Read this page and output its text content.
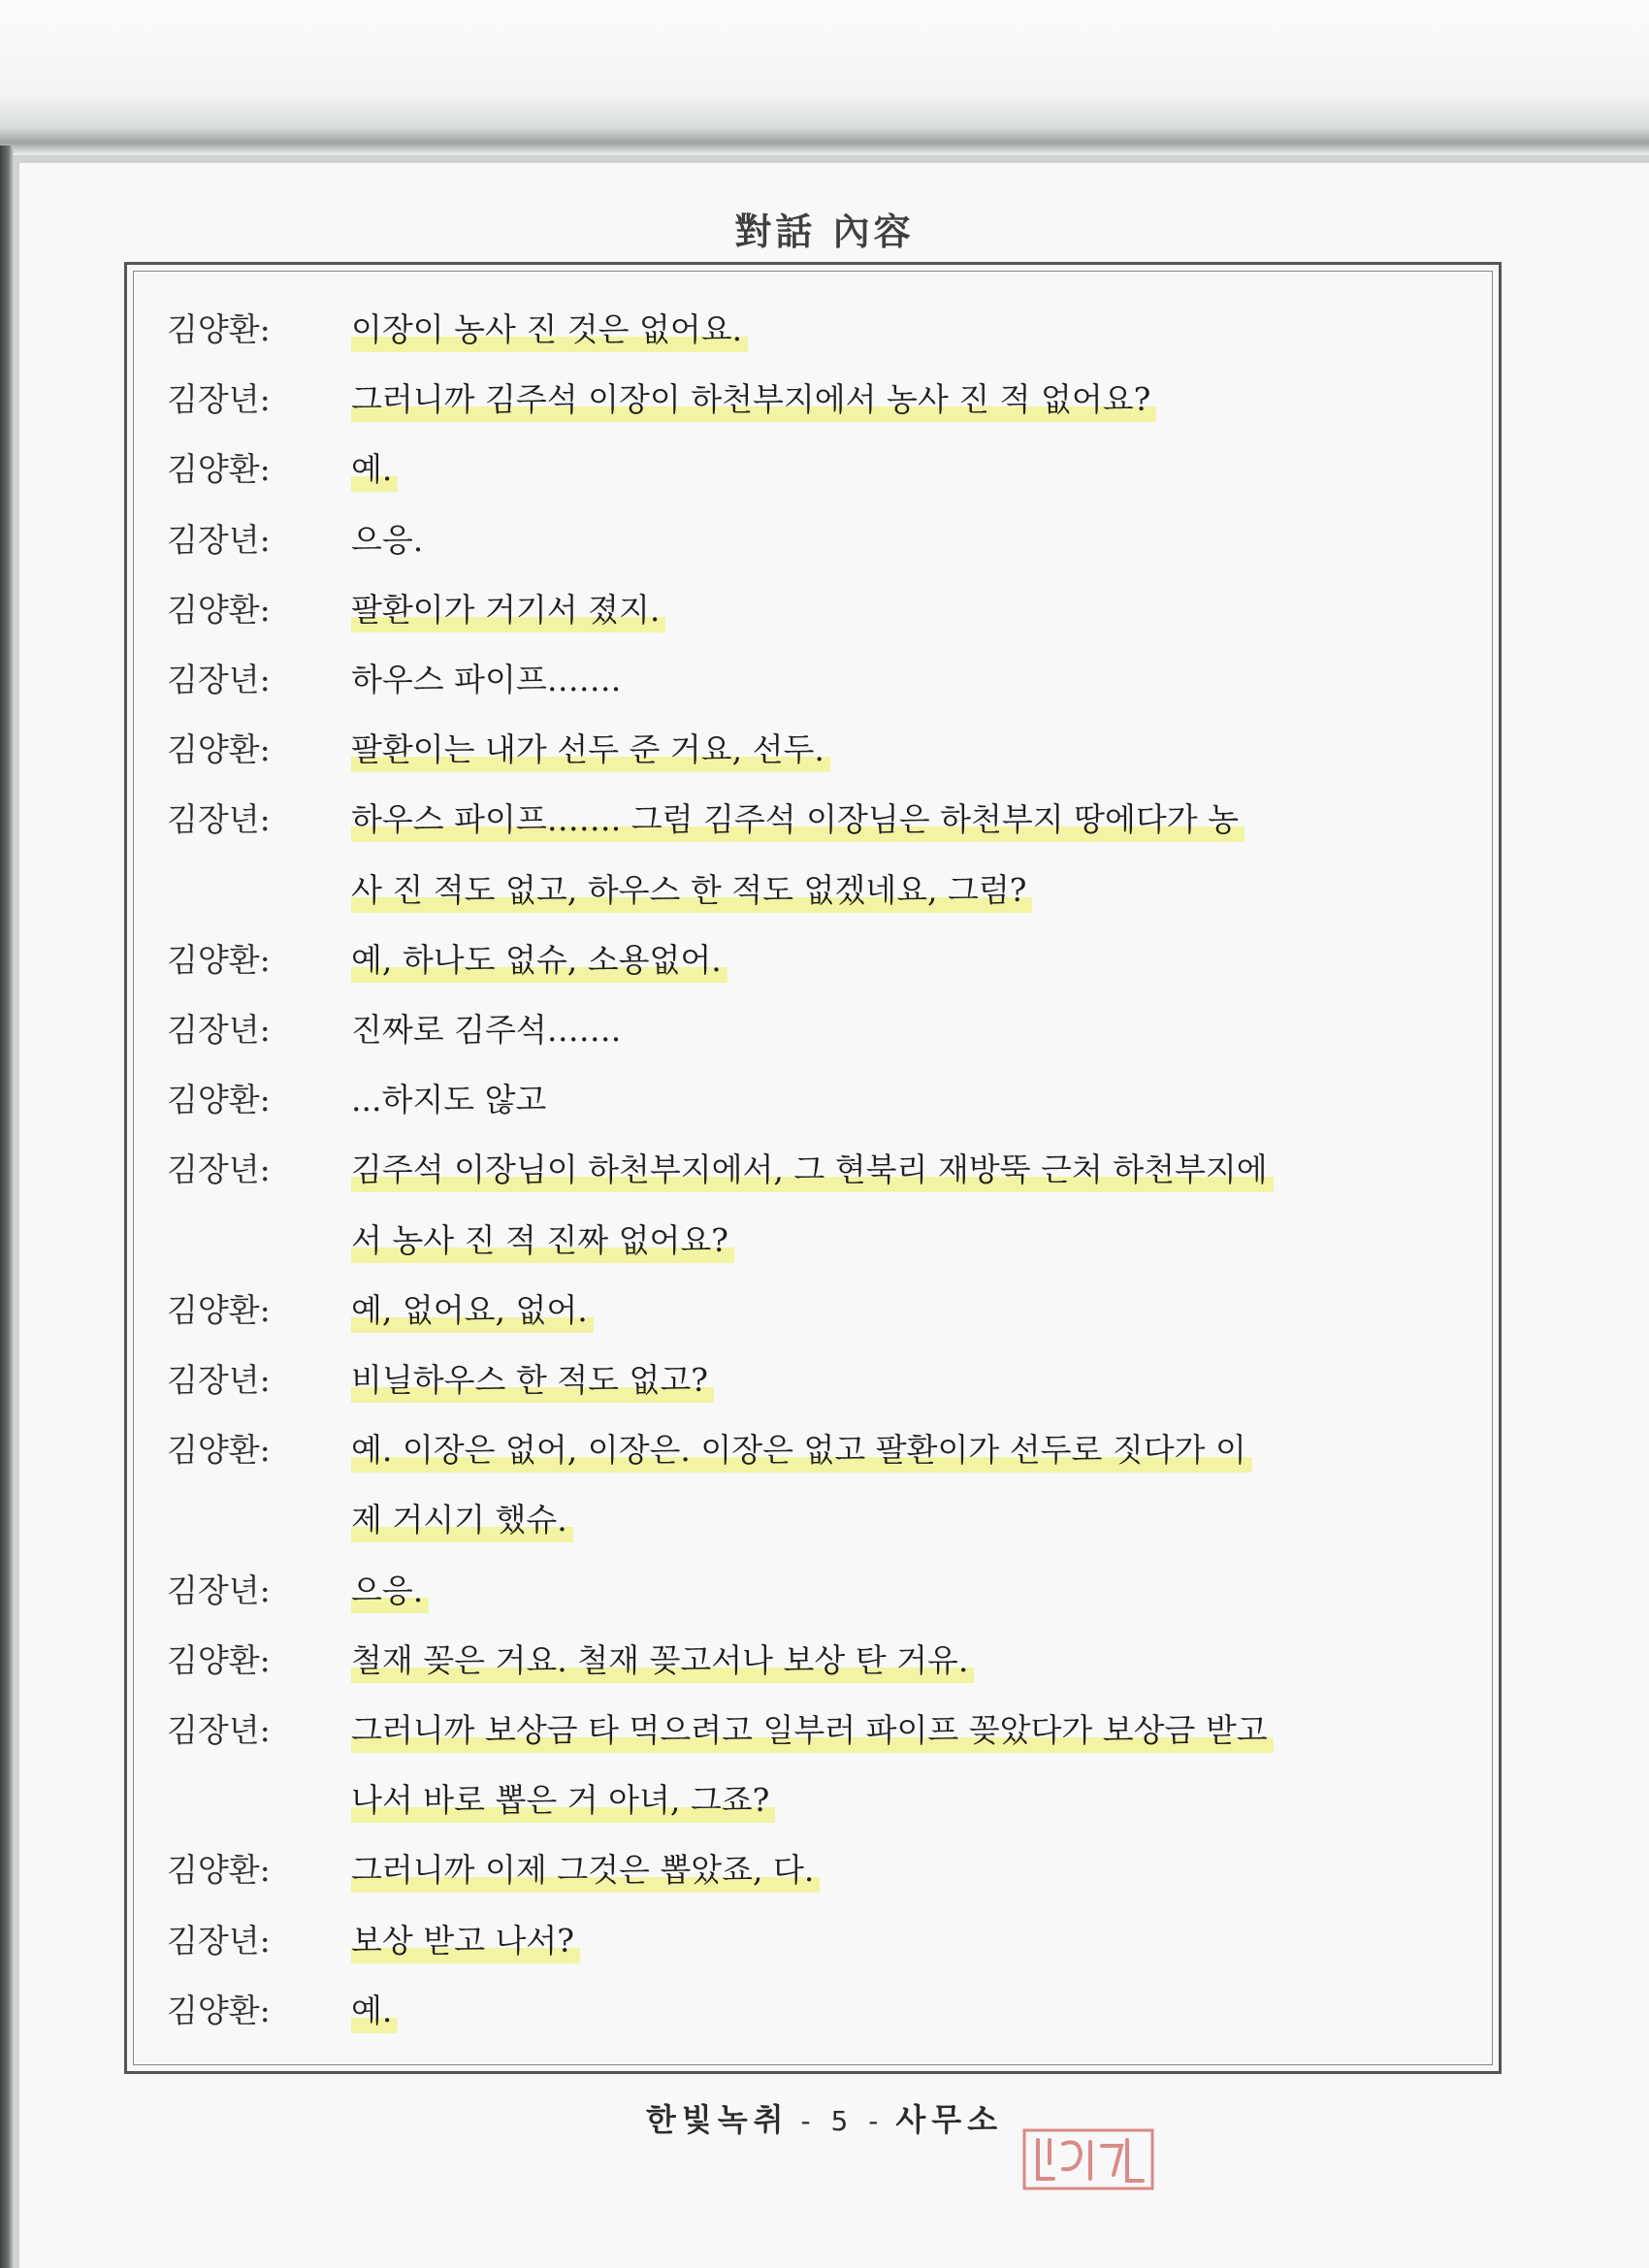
對話 內容
김양환:	이장이 농사 진 것은 없어요.
김장년:	그러니까 김주석 이장이 하천부지에서 농사 진 적 없어요?
김양환:	예.
김장년:	으응.
김양환:	팔환이가 거기서 졌지.
김장년:	하우스 파이프…….
김양환:	팔환이는 내가 선두 준 거요, 선두.
김장년:	하우스 파이프……. 그럼 김주석 이장님은 하천부지 땅에다가 농
사 진 적도 없고, 하우스 한 적도 없겠네요, 그럼?
김양환:	예, 하나도 없슈, 소용없어.
김장년:	진짜로 김주석…….
김양환:	...하지도 않고
김장년:	김주석 이장님이 하천부지에서, 그 현북리 재방뚝 근처 하천부지에
서 농사 진 적 진짜 없어요?
김양환:	예, 없어요, 없어.
김장년:	비닐하우스 한 적도 없고?
김양환:	예. 이장은 없어, 이장은. 이장은 없고 팔환이가 선두로 짓다가 이
제 거시기 했슈.
김장년:	으응.
김양환:	철재 꽂은 거요. 철재 꽂고서나 보상 탄 거유.
김장년:	그러니까 보상금 타 먹으려고 일부러 파이프 꽂았다가 보상금 받고
나서 바로 뽑은 거 아녀, 그죠?
김양환:	그러니까 이제 그것은 뽑았죠, 다.
김장년:	보상 받고 나서?
김양환:	예.
한빛녹취 - 5 - 사무소
